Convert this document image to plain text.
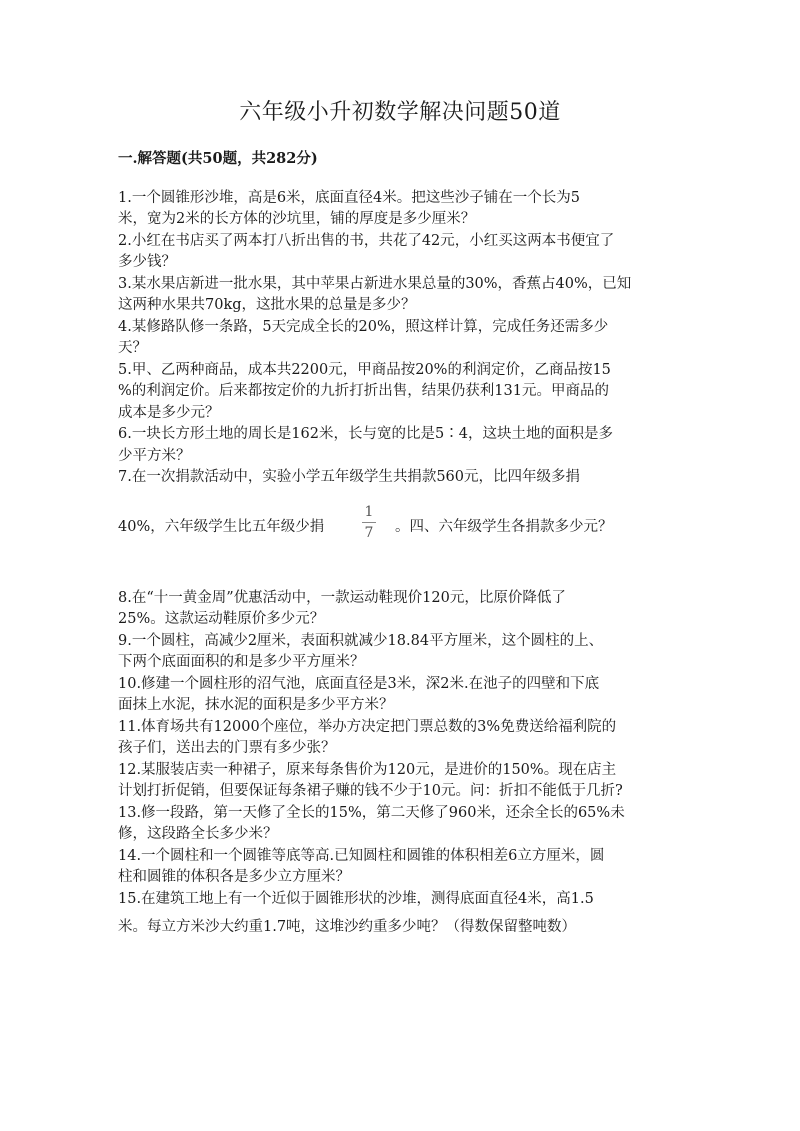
六年级小升初数学解决问题50道
一.解答题(共50题，共282分)
1.一个圆锥形沙堆，高是6米，底面直径4米。把这些沙子铺在一个长为5
米，宽为2米的长方体的沙坑里，铺的厚度是多少厘米？
2.小红在书店买了两本打八折出售的书，共花了42元，小红买这两本书便宜了
多少钱？
3.某水果店新进一批水果，其中苹果占新进水果总量的30%，香蕉占40%，已知
这两种水果共70kg，这批水果的总量是多少？
4.某修路队修一条路，5天完成全长的20%，照这样计算，完成任务还需多少
天？
5.甲、乙两种商品，成本共2200元，甲商品按20%的利润定价，乙商品按15
%的利润定价。后来都按定价的九折打折出售，结果仍获利131元。甲商品的
成本是多少元？
6.一块长方形土地的周长是162米，长与宽的比是5∶4，这块土地的面积是多
少平方米？
7.在一次捐款活动中，实验小学五年级学生共捐款560元，比四年级多捐
40%，六年级学生比五年级少捐
1
7	。四、六年级学生各捐款多少元？
8.在“十一黄金周”优惠活动中，一款运动鞋现价120元，比原价降低了
25%。这款运动鞋原价多少元？
9.一个圆柱，高减少2厘米，表面积就减少18.84平方厘米，这个圆柱的上、
下两个底面面积的和是多少平方厘米？
10.修建一个圆柱形的沼气池，底面直径是3米，深2米.在池子的四壁和下底
面抹上水泥，抹水泥的面积是多少平方米？
11.体育场共有12000个座位，举办方决定把门票总数的3%免费送给福利院的
孩子们，送出去的门票有多少张？
12.某服装店卖一种裙子，原来每条售价为120元，是进价的150%。现在店主
计划打折促销，但要保证每条裙子赚的钱不少于10元。问：折扣不能低于几折?
13.修一段路，第一天修了全长的15%，第二天修了960米，还余全长的65%未
修，这段路全长多少米？
14.一个圆柱和一个圆锥等底等高.已知圆柱和圆锥的体积相差6立方厘米，圆
柱和圆锥的体积各是多少立方厘米？
15.在建筑工地上有一个近似于圆锥形状的沙堆，测得底面直径4米，高1.5
米。每立方米沙大约重1.7吨，这堆沙约重多少吨？（得数保留整吨数）
